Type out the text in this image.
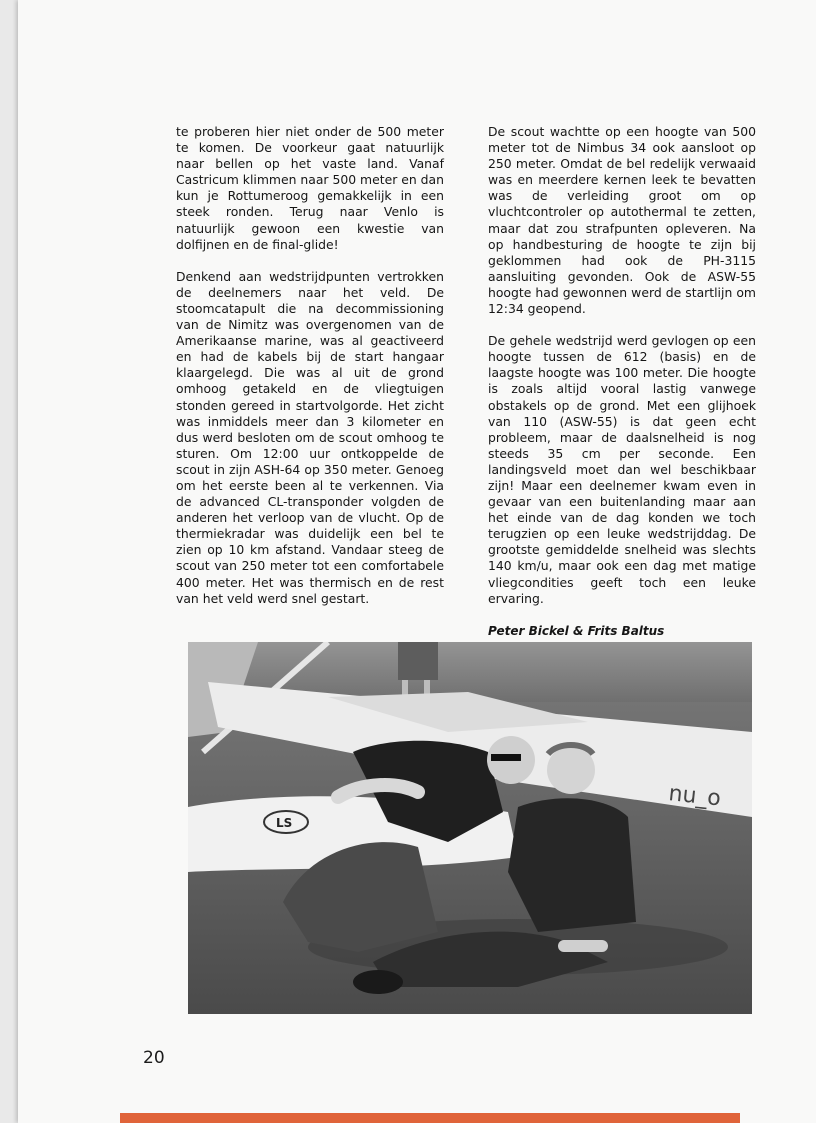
te proberen hier niet onder de 500 meter te komen. De voorkeur gaat natuurlijk naar bellen op het vaste land. Vanaf Castricum klimmen naar 500 meter en dan kun je Rottumeroog gemakkelijk in een steek ronden. Terug naar Venlo is natuurlijk gewoon een kwestie van dolfijnen en de final-glide!

Denkend aan wedstrijdpunten vertrokken de deelnemers naar het veld. De stoomcatapult die na decommissioning van de Nimitz was overgenomen van de Amerikaanse marine, was al geactiveerd en had de kabels bij de start hangaar klaargelegd. Die was al uit de grond omhoog getakeld en de vliegtuigen stonden gereed in startvolgorde. Het zicht was inmiddels meer dan 3 kilometer en dus werd besloten om de scout omhoog te sturen. Om 12:00 uur ontkoppelde de scout in zijn ASH-64 op 350 meter. Genoeg om het eerste been al te verkennen. Via de advanced CL-transponder volgden de anderen het verloop van de vlucht. Op de thermiekradar was duidelijk een bel te zien op 10 km afstand. Vandaar steeg de scout van 250 meter tot een comfortabele 400 meter. Het was thermisch en de rest van het veld werd snel gestart.

De scout wachtte op een hoogte van 500 meter tot de Nimbus 34 ook aansloot op 250 meter. Omdat de bel redelijk verwaaid was en meerdere kernen leek te bevatten was de verleiding groot om op vluchtcontroler op autothermal te zetten, maar dat zou strafpunten opleveren. Na op handbesturing de hoogte te zijn bij geklommen had ook de PH-3115 aansluiting gevonden. Ook de ASW-55 hoogte had gewonnen werd de startlijn om 12:34 geopend.

De gehele wedstrijd werd gevlogen op een hoogte tussen de 612 (basis) en de laagste hoogte was 100 meter. Die hoogte is zoals altijd vooral lastig vanwege obstakels op de grond. Met een glijhoek van 110 (ASW-55) is dat geen echt probleem, maar de daalsnelheid is nog steeds 35 cm per seconde. Een landingsveld moet dan wel beschikbaar zijn! Maar een deelnemer kwam even in gevaar van een buitenlanding maar aan het einde van de dag konden we toch terugzien op een leuke wedstrijddag. De grootste gemiddelde snelheid was slechts 140 km/u, maar ook een dag met matige vliegcondities geeft toch een leuke ervaring.

Peter Bickel & Frits Baltus

LS
nu_o
20
